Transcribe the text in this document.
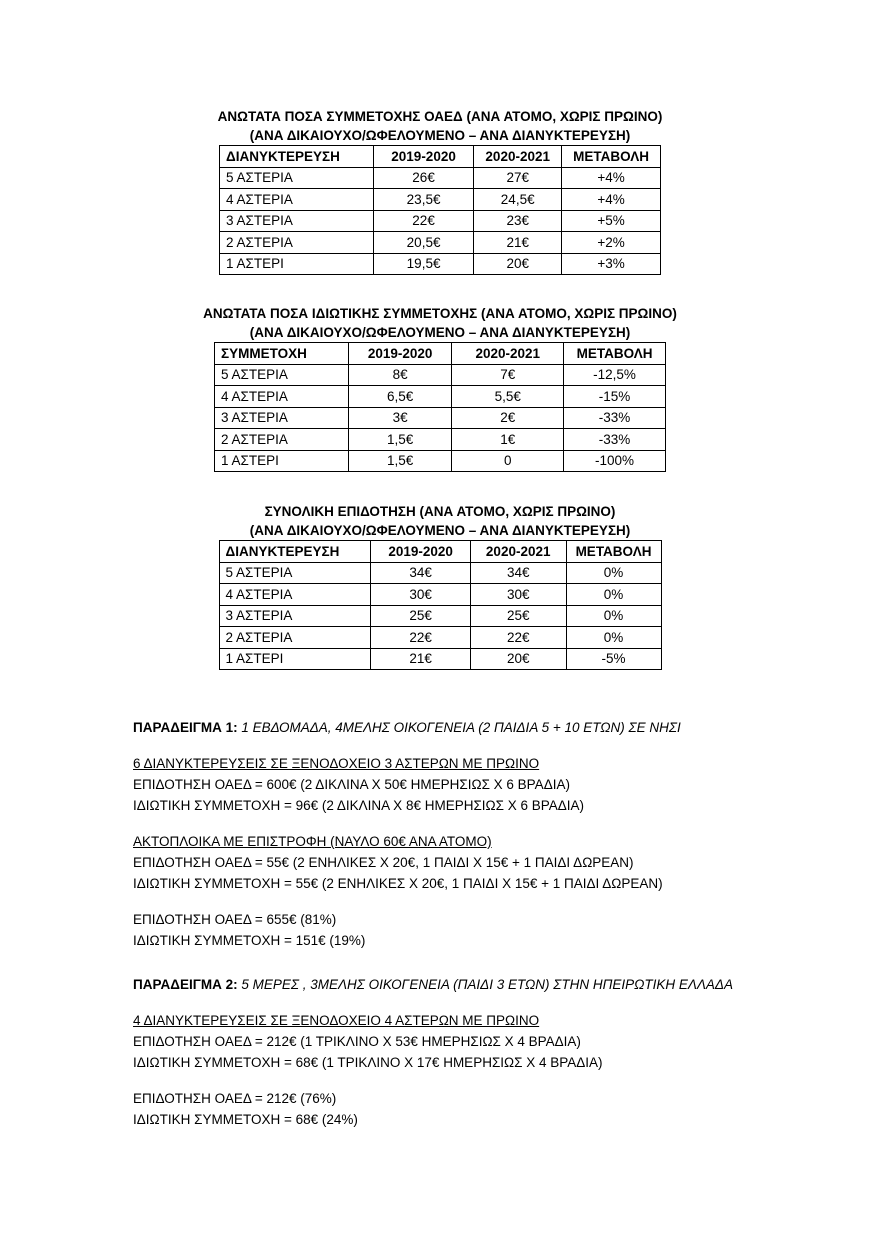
ΑΝΩΤΑΤΑ ΠΟΣΑ ΣΥΜΜΕΤΟΧΗΣ ΟΑΕΔ (ΑΝΑ ΑΤΟΜΟ, ΧΩΡΙΣ ΠΡΩΙΝΟ)
(ΑΝΑ ΔΙΚΑΙΟΥΧΟ/ΩΦΕΛΟΥΜΕΝΟ – ΑΝΑ ΔΙΑΝΥΚΤΕΡΕΥΣΗ)
ΔΙΑΝΥΚΤΕΡΕΥΣΗ	2019-2020	2020-2021	ΜΕΤΑΒΟΛΗ
5 ΑΣΤΕΡΙΑ	26€	27€	+4%
4 ΑΣΤΕΡΙΑ	23,5€	24,5€	+4%
3 ΑΣΤΕΡΙΑ	22€	23€	+5%
2 ΑΣΤΕΡΙΑ	20,5€	21€	+2%
1 ΑΣΤΕΡΙ	19,5€	20€	+3%
ΑΝΩΤΑΤΑ ΠΟΣΑ ΙΔΙΩΤΙΚΗΣ ΣΥΜΜΕΤΟΧΗΣ (ΑΝΑ ΑΤΟΜΟ, ΧΩΡΙΣ ΠΡΩΙΝΟ)
(ΑΝΑ ΔΙΚΑΙΟΥΧΟ/ΩΦΕΛΟΥΜΕΝΟ – ΑΝΑ ΔΙΑΝΥΚΤΕΡΕΥΣΗ)
ΣΥΜΜΕΤΟΧΗ	2019-2020	2020-2021	ΜΕΤΑΒΟΛΗ
5 ΑΣΤΕΡΙΑ	8€	7€	-12,5%
4 ΑΣΤΕΡΙΑ	6,5€	5,5€	-15%
3 ΑΣΤΕΡΙΑ	3€	2€	-33%
2 ΑΣΤΕΡΙΑ	1,5€	1€	-33%
1 ΑΣΤΕΡΙ	1,5€	0	-100%
ΣΥΝΟΛΙΚΗ ΕΠΙΔΟΤΗΣΗ (ΑΝΑ ΑΤΟΜΟ, ΧΩΡΙΣ ΠΡΩΙΝΟ)
(ΑΝΑ ΔΙΚΑΙΟΥΧΟ/ΩΦΕΛΟΥΜΕΝΟ – ΑΝΑ ΔΙΑΝΥΚΤΕΡΕΥΣΗ)
ΔΙΑΝΥΚΤΕΡΕΥΣΗ	2019-2020	2020-2021	ΜΕΤΑΒΟΛΗ
5 ΑΣΤΕΡΙΑ	34€	34€	0%
4 ΑΣΤΕΡΙΑ	30€	30€	0%
3 ΑΣΤΕΡΙΑ	25€	25€	0%
2 ΑΣΤΕΡΙΑ	22€	22€	0%
1 ΑΣΤΕΡΙ	21€	20€	-5%

ΠΑΡΑΔΕΙΓΜΑ 1: 1 ΕΒΔΟΜΑΔΑ, 4ΜΕΛΗΣ ΟΙΚΟΓΕΝΕΙΑ (2 ΠΑΙΔΙΑ 5 + 10 ΕΤΩΝ) ΣΕ ΝΗΣΙ

6 ΔΙΑΝΥΚΤΕΡΕΥΣΕΙΣ ΣΕ ΞΕΝΟΔΟΧΕΙΟ 3 ΑΣΤΕΡΩΝ ΜΕ ΠΡΩΙΝΟ

ΕΠΙΔΟΤΗΣΗ ΟΑΕΔ = 600€ (2 ΔΙΚΛΙΝΑ Χ 50€ ΗΜΕΡΗΣΙΩΣ Χ 6 ΒΡΑΔΙΑ)

ΙΔΙΩΤΙΚΗ ΣΥΜΜΕΤΟΧΗ = 96€ (2 ΔΙΚΛΙΝΑ Χ 8€ ΗΜΕΡΗΣΙΩΣ Χ 6 ΒΡΑΔΙΑ)

ΑΚΤΟΠΛΟΙΚΑ ΜΕ ΕΠΙΣΤΡΟΦΗ (ΝΑΥΛΟ 60€ ΑΝΑ ΑΤΟΜΟ)

ΕΠΙΔΟΤΗΣΗ ΟΑΕΔ = 55€ (2 ΕΝΗΛΙΚΕΣ Χ 20€, 1 ΠΑΙΔΙ Χ 15€ + 1 ΠΑΙΔΙ ΔΩΡΕΑΝ)

ΙΔΙΩΤΙΚΗ ΣΥΜΜΕΤΟΧΗ = 55€ (2 ΕΝΗΛΙΚΕΣ Χ 20€, 1 ΠΑΙΔΙ Χ 15€ + 1 ΠΑΙΔΙ ΔΩΡΕΑΝ)

ΕΠΙΔΟΤΗΣΗ ΟΑΕΔ = 655€ (81%)

ΙΔΙΩΤΙΚΗ ΣΥΜΜΕΤΟΧΗ = 151€ (19%)

ΠΑΡΑΔΕΙΓΜΑ 2: 5 ΜΕΡΕΣ , 3ΜΕΛΗΣ ΟΙΚΟΓΕΝΕΙΑ (ΠΑΙΔΙ 3 ΕΤΩΝ) ΣΤΗΝ ΗΠΕΙΡΩΤΙΚΗ ΕΛΛΑΔΑ

4 ΔΙΑΝΥΚΤΕΡΕΥΣΕΙΣ ΣΕ ΞΕΝΟΔΟΧΕΙΟ 4 ΑΣΤΕΡΩΝ ΜΕ ΠΡΩΙΝΟ

ΕΠΙΔΟΤΗΣΗ ΟΑΕΔ = 212€ (1 ΤΡΙΚΛΙΝΟ Χ 53€ ΗΜΕΡΗΣΙΩΣ Χ 4 ΒΡΑΔΙΑ)

ΙΔΙΩΤΙΚΗ ΣΥΜΜΕΤΟΧΗ = 68€ (1 ΤΡΙΚΛΙΝΟ Χ 17€ ΗΜΕΡΗΣΙΩΣ Χ 4 ΒΡΑΔΙΑ)

ΕΠΙΔΟΤΗΣΗ ΟΑΕΔ = 212€ (76%)

ΙΔΙΩΤΙΚΗ ΣΥΜΜΕΤΟΧΗ = 68€ (24%)
